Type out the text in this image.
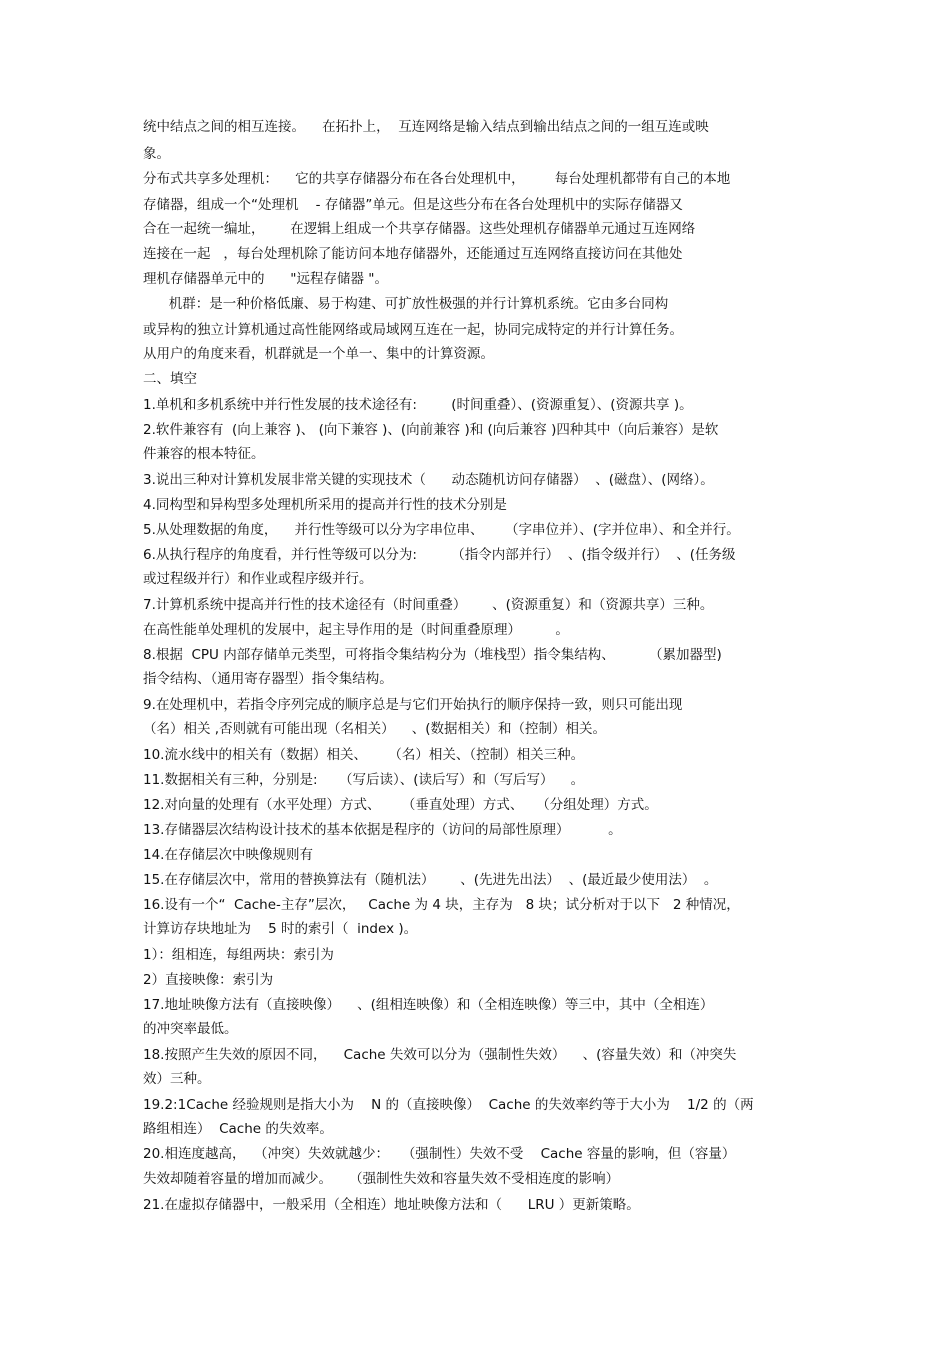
统中结点之间的相互连接。    在拓扑上，  互连网络是输入结点到输出结点之间的一组互连或映

象。

分布式共享多处理机：    它的共享存储器分布在各台处理机中，       每台处理机都带有自己的本地

存储器，组成一个“处理机    - 存储器”单元。但是这些分布在各台处理机中的实际存储器又

合在一起统一编址，      在逻辑上组成一个共享存储器。这些处理机存储器单元通过互连网络

连接在一起   ，每台处理机除了能访问本地存储器外，还能通过互连网络直接访问在其他处

理机存储器单元中的      "远程存储器 "。

机群：是一种价格低廉、易于构建、可扩放性极强的并行计算机系统。它由多台同构

或异构的独立计算机通过高性能网络或局域网互连在一起，协同完成特定的并行计算任务。

从用户的角度来看，机群就是一个单一、集中的计算资源。

二、填空

1.单机和多机系统中并行性发展的技术途径有:        (时间重叠）、(资源重复）、(资源共享 )。

2.软件兼容有  (向上兼容 )、 (向下兼容 )、(向前兼容 )和 (向后兼容 )四种其中（向后兼容）是软

件兼容的根本特征。

3.说出三种对计算机发展非常关键的实现技术（      动态随机访问存储器）  、(磁盘）、(网络）。

4.同构型和异构型多处理机所采用的提高并行性的技术分别是

5.从处理数据的角度，    并行性等级可以分为字串位串、     （字串位并）、(字并位串）、和全并行。

6.从执行程序的角度看，并行性等级可以分为:        （指令内部并行）  、(指令级并行）  、(任务级

或过程级并行）和作业或程序级并行。

7.计算机系统中提高并行性的技术途径有（时间重叠）      、(资源重复）和（资源共享）三种。

在高性能单处理机的发展中，起主导作用的是（时间重叠原理）        。

8.根据  CPU 内部存储单元类型，可将指令集结构分为（堆栈型）指令集结构、        （累加器型)

指令结构、（通用寄存器型）指令集结构。

9.在处理机中，若指令序列完成的顺序总是与它们开始执行的顺序保持一致，则只可能出现

（名）相关 ,否则就有可能出现（名相关）    、(数据相关）和（控制）相关。

10.流水线中的相关有（数据）相关、     （名）相关、（控制）相关三种。

11.数据相关有三种，分别是:     （写后读）、(读后写）和（写后写）    。

12.对向量的处理有（水平处理）方式、     （垂直处理）方式、   （分组处理）方式。

13.存储器层次结构设计技术的基本依据是程序的（访问的局部性原理）         。

14.在存储层次中映像规则有

15.在存储层次中，常用的替换算法有（随机法）      、(先进先出法）  、(最近最少使用法）  。

16.设有一个“  Cache-主存”层次，   Cache 为 4 块，主存为   8 块；试分析对于以下   2 种情况，

计算访存块地址为    5 时的索引（  index )。

1）：组相连，每组两块：索引为

2）直接映像：索引为

17.地址映像方法有（直接映像）    、(组相连映像）和（全相连映像）等三中，其中（全相连）

的冲突率最低。

18.按照产生失效的原因不同，    Cache 失效可以分为（强制性失效）    、(容量失效）和（冲突失

效）三种。

19.2:1Cache 经验规则是指大小为    N 的（直接映像）  Cache 的失效率约等于大小为    1/2 的（两

路组相连）  Cache 的失效率。

20.相连度越高，  （冲突）失效就越少：   （强制性）失效不受    Cache 容量的影响，但（容量）

失效却随着容量的增加而减少。    （强制性失效和容量失效不受相连度的影响）

21.在虚拟存储器中，一般采用（全相连）地址映像方法和（      LRU ）更新策略。
